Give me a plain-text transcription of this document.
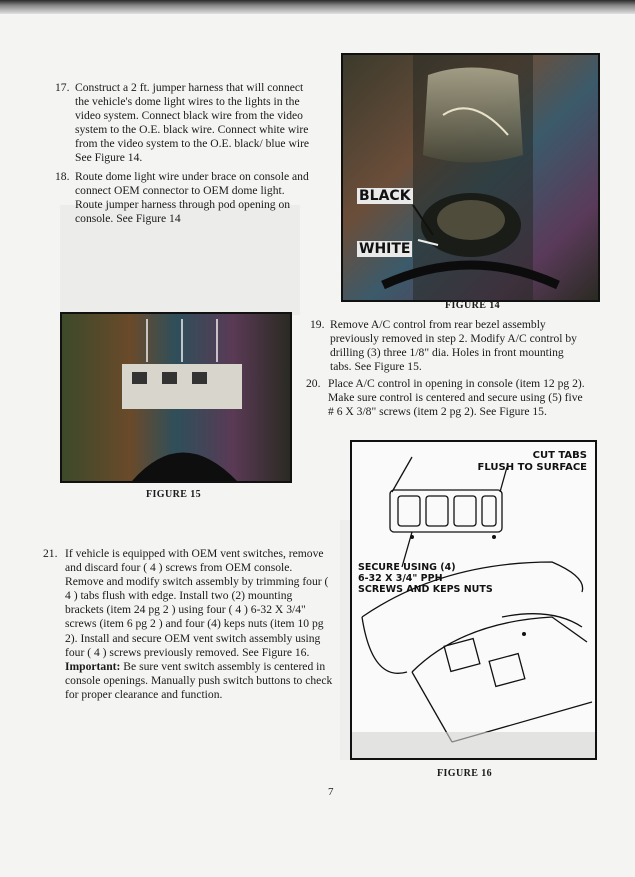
17. Construct a 2 ft. jumper harness that will connect the vehicle's dome light wires to the lights in the video system. Connect black wire from the video system to the O.E. black wire. Connect white wire from the video system to the O.E. black/ blue wire See Figure 14.
18. Route dome light wire under brace on console and connect OEM connector to OEM dome light. Route jumper harness through pod opening on console. See Figure 14
BLACK
WHITE
FIGURE 14
FIGURE 15
19. Remove A/C control from rear bezel assembly previously removed in step 2. Modify A/C control by drilling (3) three 1/8" dia. Holes in front mounting tabs. See Figure 15.
20. Place A/C control in opening in console (item 12 pg 2). Make sure control is centered and secure using (5) five # 6 X 3/8" screws (item 2 pg 2). See Figure 15.
CUT TABS
FLUSH TO SURFACE
SECURE USING (4)
6-32 X 3/4" PPH
SCREWS AND KEPS NUTS
FIGURE 16
21. If vehicle is equipped with OEM vent switches, remove and discard four ( 4 ) screws from OEM console. Remove and modify switch assembly by trimming four ( 4 ) tabs flush with edge. Install two (2) mounting brackets (item 24 pg 2 ) using four ( 4 ) 6-32 X 3/4" screws (item 6 pg 2 ) and four (4) keps nuts (item 10 pg 2). Install and secure OEM vent switch assembly using four ( 4 ) screws previously removed. See Figure 16. Important: Be sure vent switch assembly is centered in console openings. Manually push switch buttons to check for proper clearance and function.
7
